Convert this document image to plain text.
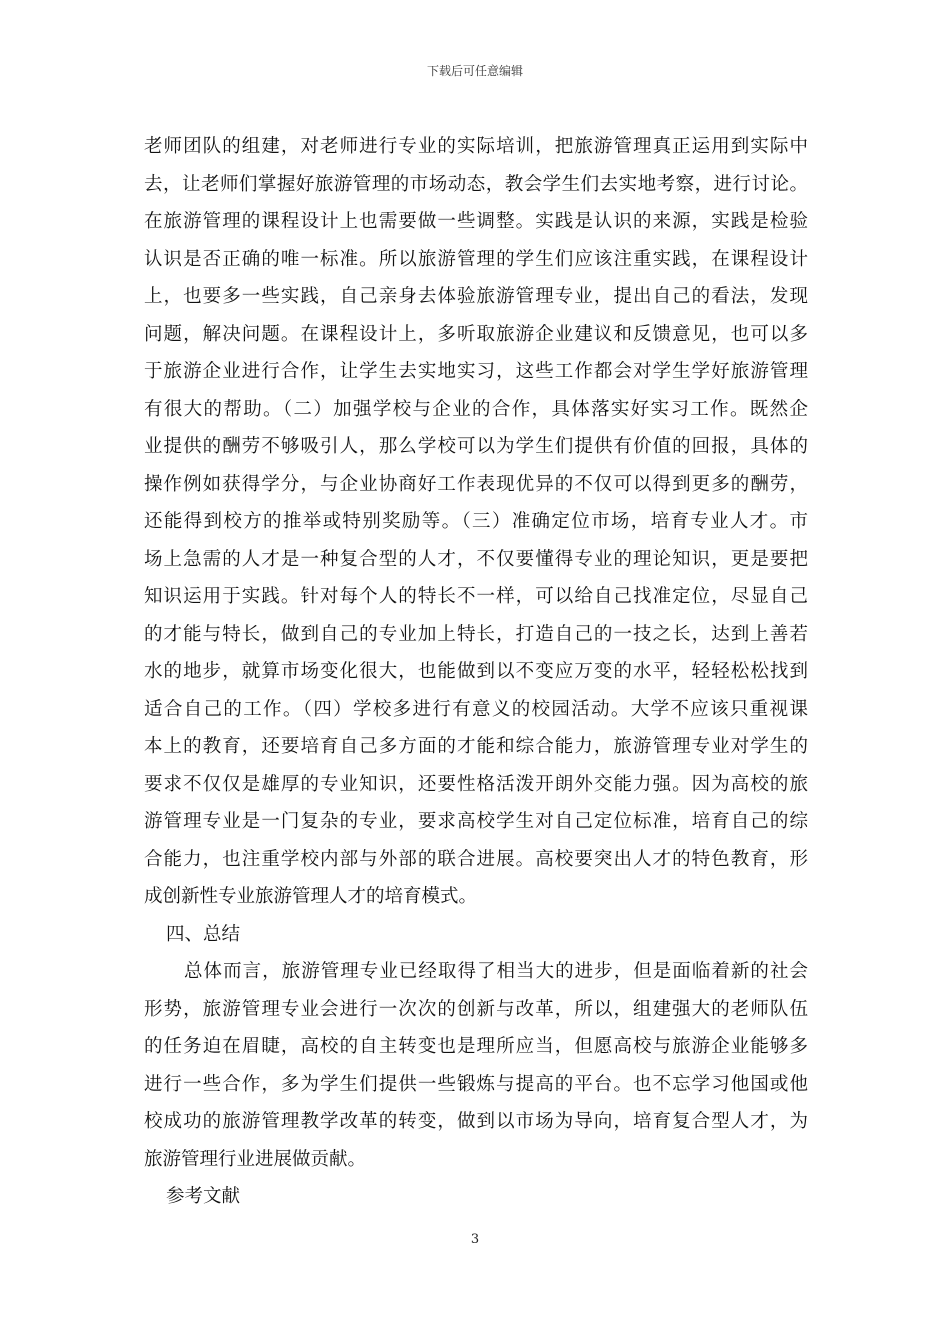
下载后可任意编辑
老师团队的组建，对老师进行专业的实际培训，把旅游管理真正运用到实际中
去，让老师们掌握好旅游管理的市场动态，教会学生们去实地考察，进行讨论。
在旅游管理的课程设计上也需要做一些调整。实践是认识的来源，实践是检验
认识是否正确的唯一标准。所以旅游管理的学生们应该注重实践，在课程设计
上，也要多一些实践，自己亲身去体验旅游管理专业，提出自己的看法，发现
问题，解决问题。在课程设计上，多听取旅游企业建议和反馈意见，也可以多
于旅游企业进行合作，让学生去实地实习，这些工作都会对学生学好旅游管理
有很大的帮助。（二）加强学校与企业的合作，具体落实好实习工作。既然企
业提供的酬劳不够吸引人，那么学校可以为学生们提供有价值的回报，具体的
操作例如获得学分，与企业协商好工作表现优异的不仅可以得到更多的酬劳，
还能得到校方的推举或特别奖励等。（三）准确定位市场，培育专业人才。市
场上急需的人才是一种复合型的人才，不仅要懂得专业的理论知识，更是要把
知识运用于实践。针对每个人的特长不一样，可以给自己找准定位，尽显自己
的才能与特长，做到自己的专业加上特长，打造自己的一技之长，达到上善若
水的地步，就算市场变化很大，也能做到以不变应万变的水平，轻轻松松找到
适合自己的工作。（四）学校多进行有意义的校园活动。大学不应该只重视课
本上的教育，还要培育自己多方面的才能和综合能力，旅游管理专业对学生的
要求不仅仅是雄厚的专业知识，还要性格活泼开朗外交能力强。因为高校的旅
游管理专业是一门复杂的专业，要求高校学生对自己定位标准，培育自己的综
合能力，也注重学校内部与外部的联合进展。高校要突出人才的特色教育，形
成创新性专业旅游管理人才的培育模式。
四、总结
总体而言，旅游管理专业已经取得了相当大的进步，但是面临着新的社会
形势，旅游管理专业会进行一次次的创新与改革，所以，组建强大的老师队伍
的任务迫在眉睫，高校的自主转变也是理所应当，但愿高校与旅游企业能够多
进行一些合作，多为学生们提供一些锻炼与提高的平台。也不忘学习他国或他
校成功的旅游管理教学改革的转变，做到以市场为导向，培育复合型人才，为
旅游管理行业进展做贡献。
参考文献
3
